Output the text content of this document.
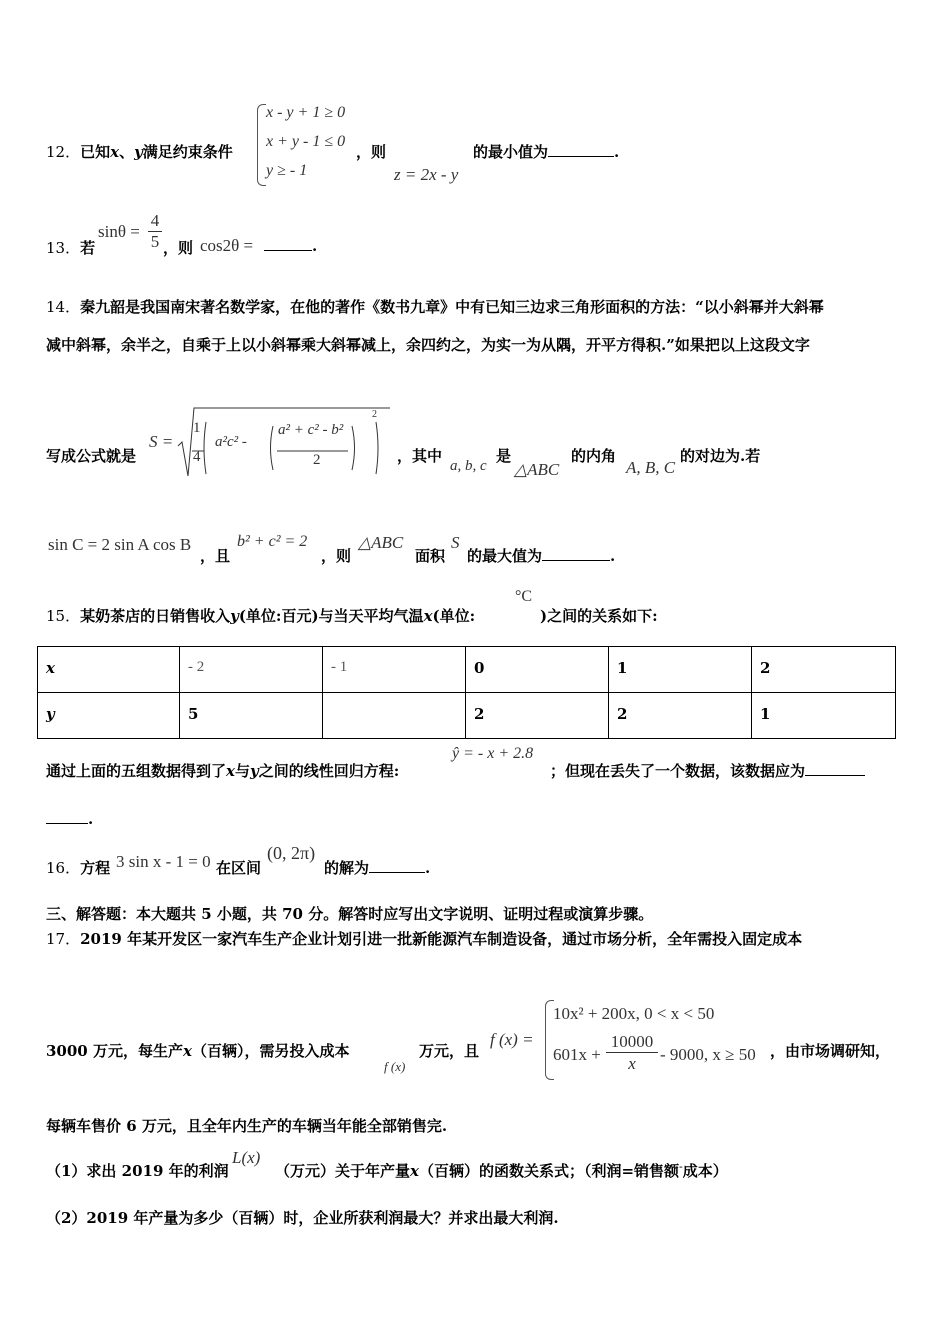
12．已知x、y满足约束条件
x - y + 1 ≥ 0
x + y - 1 ≤ 0
y ≥ - 1
，则
z = 2x - y
的最小值为	.
13．若
sinθ =
4
5 ，则 cos2θ =	.
14．秦九韶是我国南宋著名数学家，在他的著作《数书九章》中有已知三边求三角形面积的方法：“以小斜幂并大斜幂
减中斜幂，余半之，自乘于上以小斜幂乘大斜幂减上，余四约之，为实一为从隅，开平方得积.”如果把以上这段文字
写成公式就是
S =
1
4
a²c² -
a² + c² - b²
2
2
，其中
a, b, c
是
△ABC
的内角
A, B, C
的对边为.若
sin C = 2 sin A cos B
，且
b² + c² = 2
，则
△ABC
面积
S
的最大值为	.
15．某奶茶店的日销售收入y(单位:百元)与当天平均气温x(单位:
°C
)之间的关系如下:
x	- 2	- 1	0	1	2
y	5		2	2	1
通过上面的五组数据得到了x与y之间的线性回归方程:
ŷ = - x + 2.8
；但现在丢失了一个数据，该数据应为
.
16．方程 3 sin x - 1 = 0 在区间
(0, 2π)
的解为	.
三、解答题：本大题共 5 小题，共 70 分。解答时应写出文字说明、证明过程或演算步骤。
17．2019 年某开发区一家汽车生产企业计划引进一批新能源汽车制造设备，通过市场分析，全年需投入固定成本
3000 万元，每生产x（百辆），需另投入成本
f (x)
万元，且
f (x) =
10x² + 200x, 0 < x < 50
601x +
10000
x	- 9000, x ≥ 50 ，由市场调研知，
每辆车售价 6 万元，且全年内生产的车辆当年能全部销售完.
（1）求出 2019 年的利润
L(x)
（万元）关于年产量x（百辆）的函数关系式；（利润=销售额-成本）
（2）2019 年产量为多少（百辆）时，企业所获利润最大？并求出最大利润.
